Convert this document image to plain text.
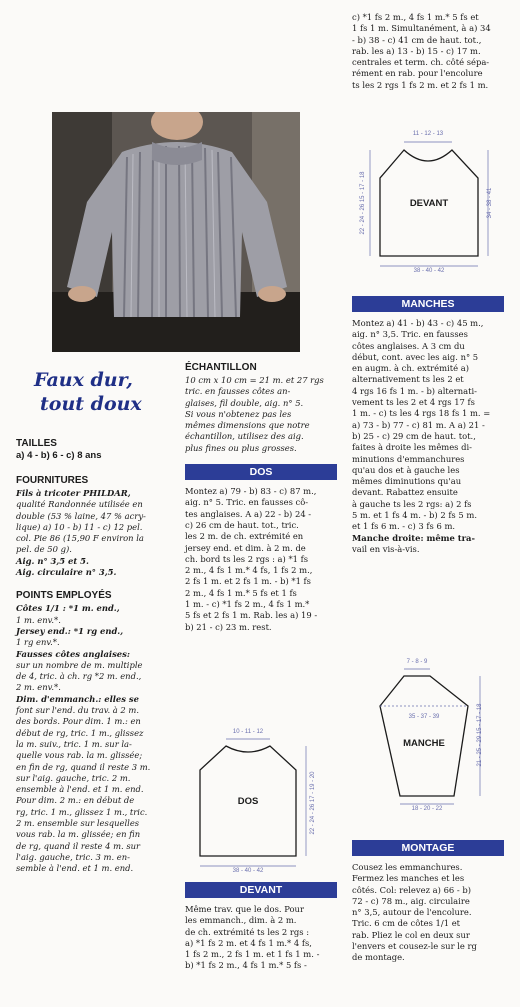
Faux dur,
tout doux
TAILLES
a) 4 - b) 6 - c) 8 ans
FOURNITURES
Fils à tricoter PHILDAR,
qualité Randonnée utilisée en
double (53 % laine, 47 % acry-
lique) a) 10 - b) 11 - c) 12 pel.
col. Pie 86 (15,90 F environ la
pel. de 50 g).
Aig. n° 3,5 et 5.
Aig. circulaire n° 3,5.
POINTS EMPLOYÉS
Côtes 1/1 : *1 m. end.,
1 m. env.*.
Jersey end.: *1 rg end.,
1 rg env.*.
Fausses côtes anglaises:
sur un nombre de m. multiple
de 4, tric. à ch. rg *2 m. end.,
2 m. env.*.
Dim. d'emmanch.: elles se
font sur l'end. du trav. à 2 m.
des bords. Pour dim. 1 m.: en
début de rg, tric. 1 m., glissez
la m. suiv., tric. 1 m. sur la-
quelle vous rab. la m. glissée;
en fin de rg, quand il reste 3 m.
sur l'aig. gauche, tric. 2 m.
ensemble à l'end. et 1 m. end.
Pour dim. 2 m.: en début de
rg, tric. 1 m., glissez 1 m., tric.
2 m. ensemble sur lesquelles
vous rab. la m. glissée; en fin
de rg, quand il reste 4 m. sur
l'aig. gauche, tric. 3 m. en-
semble à l'end. et 1 m. end.
ÉCHANTILLON
10 cm x 10 cm = 21 m. et 27 rgs
tric. en fausses côtes an-
glaises, fil double, aig. n° 5.
Si vous n'obtenez pas les
mêmes dimensions que notre
échantillon, utilisez des aig.
plus fines ou plus grosses.
DOS
Montez a) 79 - b) 83 - c) 87 m.,
aig. n° 5. Tric. en fausses cô-
tes anglaises. A a) 22 - b) 24 -
c) 26 cm de haut. tot., tric.
les 2 m. de ch. extrémité en
jersey end. et dim. à 2 m. de
ch. bord ts les 2 rgs : a) *1 fs
2 m., 4 fs 1 m.* 4 fs, 1 fs 2 m.,
2 fs 1 m. et 2 fs 1 m. - b) *1 fs
2 m., 4 fs 1 m.* 5 fs et 1 fs
1 m. - c) *1 fs 2 m., 4 fs 1 m.*
5 fs et 2 fs 1 m. Rab. les a) 19 -
b) 21 - c) 23 m. rest.
10 - 11 - 12
22 - 24 - 26 17 - 19 - 20
38 - 40 - 42
DOS
DEVANT
Même trav. que le dos. Pour
les emmanch., dim. à 2 m.
de ch. extrémité ts les 2 rgs :
a) *1 fs 2 m. et 4 fs 1 m.* 4 fs,
1 fs 2 m., 2 fs 1 m. et 1 fs 1 m. -
b) *1 fs 2 m., 4 fs 1 m.* 5 fs -
c) *1 fs 2 m., 4 fs 1 m.* 5 fs et
1 fs 1 m. Simultanément, à a) 34
- b) 38 - c) 41 cm de haut. tot.,
rab. les a) 13 - b) 15 - c) 17 m.
centrales et term. ch. côté sépa-
rément en rab. pour l'encolure
ts les 2 rgs 1 fs 2 m. et 2 fs 1 m.
11 - 12 - 13
22 - 24 - 26 15 - 17 - 18	34 - 38 - 41
38 - 40 - 42
DEVANT
MANCHES
Montez a) 41 - b) 43 - c) 45 m.,
aig. n° 3,5. Tric. en fausses
côtes anglaises. A 3 cm du
début, cont. avec les aig. n° 5
en augm. à ch. extrémité a)
alternativement ts les 2 et
4 rgs 16 fs 1 m. - b) alternati-
vement ts les 2 et 4 rgs 17 fs
1 m. - c) ts les 4 rgs 18 fs 1 m. =
a) 73 - b) 77 - c) 81 m. A a) 21 -
b) 25 - c) 29 cm de haut. tot.,
faites à droite les mêmes di-
minutions d'emmanchures
qu'au dos et à gauche les
mêmes diminutions qu'au
devant. Rabattez ensuite
à gauche ts les 2 rgs: a) 2 fs
5 m. et 1 fs 4 m. - b) 2 fs 5 m.
et 1 fs 6 m. - c) 3 fs 6 m.
Manche droite: même tra-
vail en vis-à-vis.
7 - 8 - 9
35 - 37 - 39	21 - 25 - 29 15 - 17 - 18
18 - 20 - 22
MANCHE
MONTAGE
Cousez les emmanchures.
Fermez les manches et les
côtés. Col: relevez a) 66 - b)
72 - c) 78 m., aig. circulaire
n° 3,5, autour de l'encolure.
Tric. 6 cm de côtes 1/1 et
rab. Pliez le col en deux sur
l'envers et cousez-le sur le rg
de montage.
